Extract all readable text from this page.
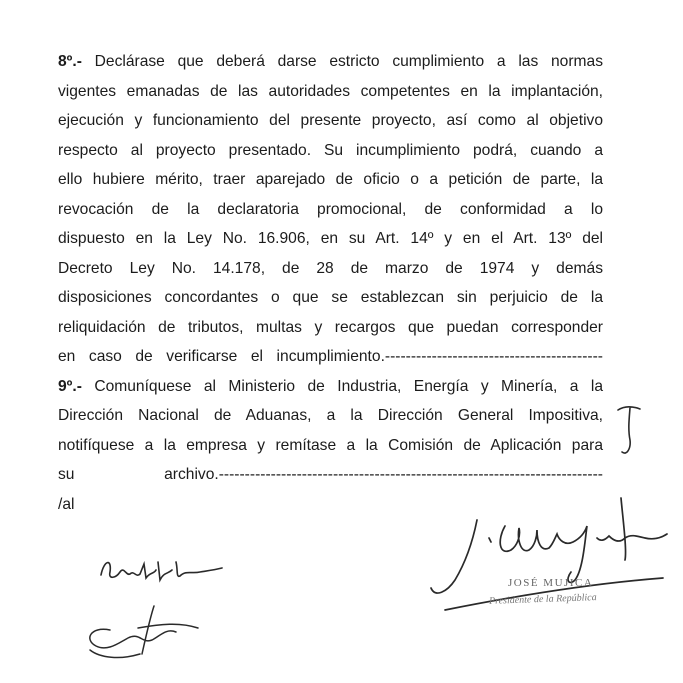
8º.- Declárase que deberá darse estricto cumplimiento a las normas
vigentes emanadas de las autoridades competentes en la implantación,
ejecución y funcionamiento del presente proyecto, así como al objetivo
respecto al proyecto presentado. Su incumplimiento podrá, cuando a
ello hubiere mérito, traer aparejado de oficio o a petición de parte, la
revocación de la declaratoria promocional, de conformidad a lo
dispuesto en la Ley No. 16.906, en su Art. 14º y en el Art. 13º del
Decreto Ley No. 14.178, de 28 de marzo de 1974 y demás
disposiciones concordantes o que se establezcan sin perjuicio de la
reliquidación de tributos, multas y recargos que puedan corresponder
en caso de verificarse el incumplimiento.------------------------------------------
9º.- Comuníquese al Ministerio de Industria, Energía y Minería, a la
Dirección Nacional de Aduanas, a la Dirección General Impositiva,
notifíquese a la empresa y remítase a la Comisión de Aplicación para
su archivo.--------------------------------------------------------------------------
/al
JOSÉ MUJICA
Presidente de la República
